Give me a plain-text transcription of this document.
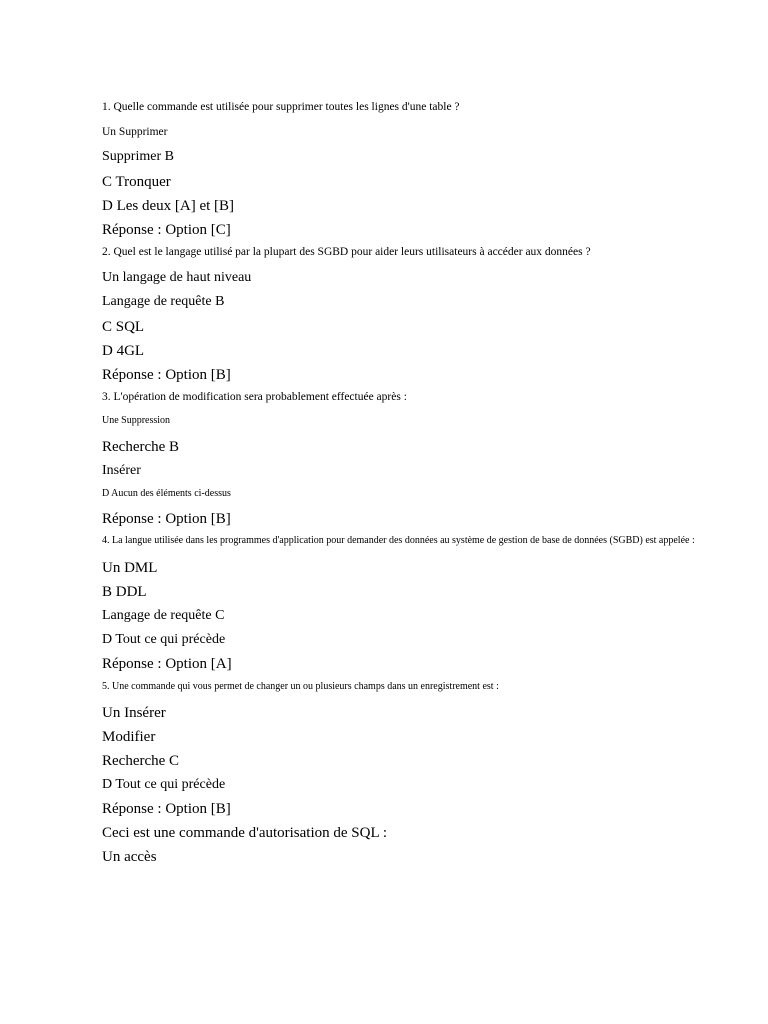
1. Quelle commande est utilisée pour supprimer toutes les lignes d'une table ?
Un Supprimer
Supprimer B
C Tronquer
D Les deux [A] et [B]
Réponse : Option [C]
2. Quel est le langage utilisé par la plupart des SGBD pour aider leurs utilisateurs à accéder aux données ?
Un langage de haut niveau
Langage de requête B
C SQL
D 4GL
Réponse : Option [B]
3. L'opération de modification sera probablement effectuée après :
Une Suppression
Recherche B
Insérer
D Aucun des éléments ci-dessus
Réponse : Option [B]
4. La langue utilisée dans les programmes d'application pour demander des données au système de gestion de base de données (SGBD) est appelée :
Un DML
B DDL
Langage de requête C
D Tout ce qui précède
Réponse : Option [A]
5. Une commande qui vous permet de changer un ou plusieurs champs dans un enregistrement est :
Un Insérer
Modifier
Recherche C
D Tout ce qui précède
Réponse : Option [B]
Ceci est une commande d'autorisation de SQL :
Un accès
